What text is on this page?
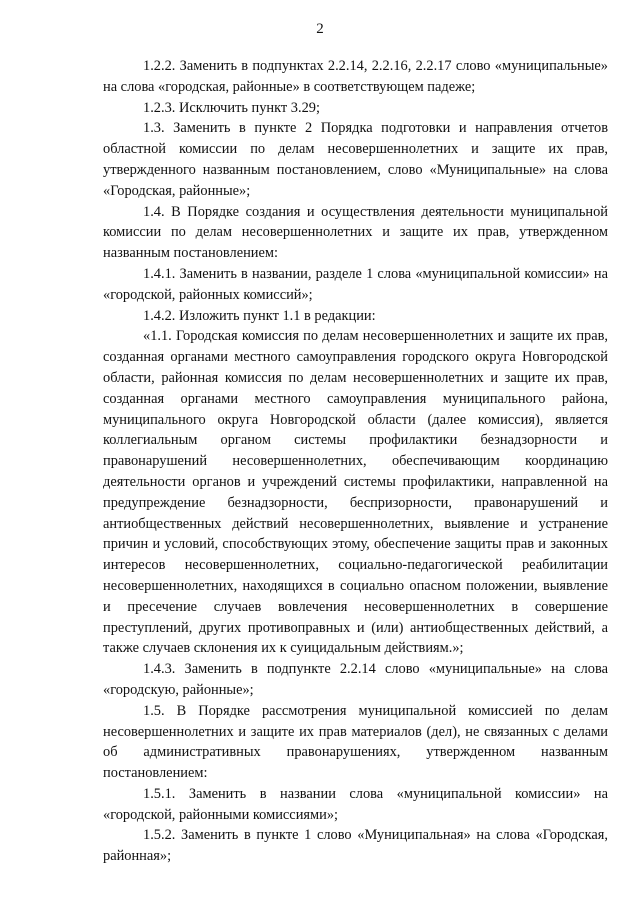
2

1.2.2. Заменить в подпунктах 2.2.14, 2.2.16, 2.2.17 слово «муниципальные» на слова «городская, районные» в соответствующем падеже;

1.2.3. Исключить пункт 3.29;

1.3. Заменить в пункте 2 Порядка подготовки и направления отчетов областной комиссии по делам несовершеннолетних и защите их прав, утвержденного названным постановлением, слово «Муниципальные» на слова «Городская, районные»;

1.4. В Порядке создания и осуществления деятельности муниципальной комиссии по делам несовершеннолетних и защите их прав, утвержденном названным постановлением:

1.4.1. Заменить в названии, разделе 1 слова «муниципальной комиссии» на «городской, районных комиссий»;

1.4.2. Изложить пункт 1.1 в редакции:

«1.1. Городская комиссия по делам несовершеннолетних и защите их прав, созданная органами местного самоуправления городского округа Новгородской области, районная комиссия по делам несовершеннолетних и защите их прав, созданная органами местного самоуправления муниципального района, муниципального округа Новгородской области (далее комиссия), является коллегиальным органом системы профилактики безнадзорности и правонарушений несовершеннолетних, обеспечивающим координацию деятельности органов и учреждений системы профилактики, направленной на предупреждение безнадзорности, беспризорности, правонарушений и антиобщественных действий несовершеннолетних, выявление и устранение причин и условий, способствующих этому, обеспечение защиты прав и законных интересов несовершеннолетних, социально-педагогической реабилитации несовершеннолетних, находящихся в социально опасном положении, выявление и пресечение случаев вовлечения несовершеннолетних в совершение преступлений, других противоправных и (или) антиобщественных действий, а также случаев склонения их к суицидальным действиям.»;

1.4.3. Заменить в подпункте 2.2.14 слово «муниципальные» на слова «городскую, районные»;

1.5. В Порядке рассмотрения муниципальной комиссией по делам несовершеннолетних и защите их прав материалов (дел), не связанных с делами об административных правонарушениях, утвержденном названным постановлением:

1.5.1. Заменить в названии слова «муниципальной комиссии» на «городской, районными комиссиями»;

1.5.2. Заменить в пункте 1 слово «Муниципальная» на слова «Городская, районная»;
